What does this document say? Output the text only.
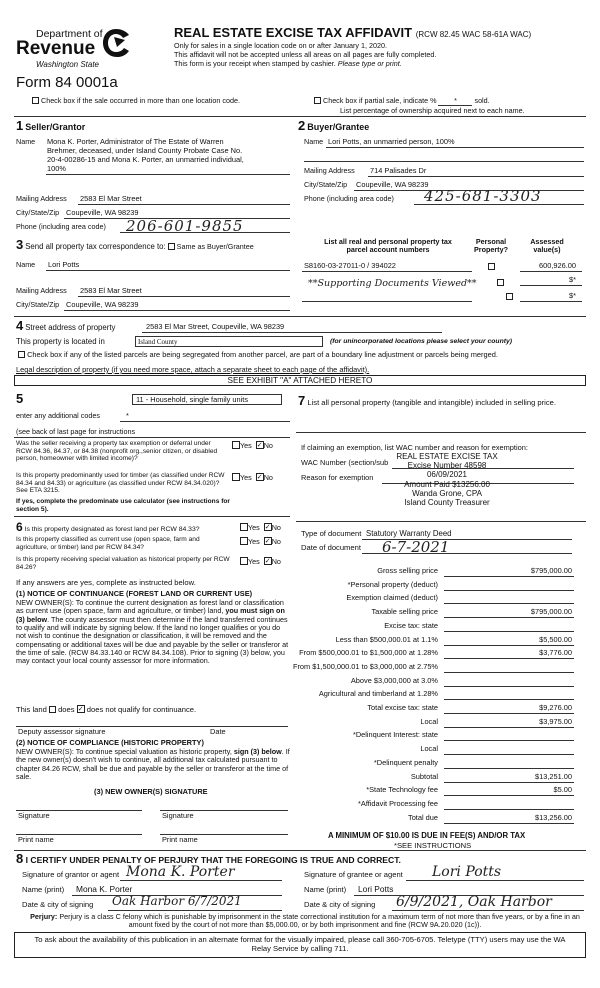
Department of
Revenue
Washington State
Form 84 0001a
REAL ESTATE EXCISE TAX AFFIDAVIT (RCW 82.45 WAC 58-61A WAC)
Only for sales in a single location code on or after January 1, 2020.
This affidavit will not be accepted unless all areas on all pages are fully completed.
This form is your receipt when stamped by cashier. Please type or print.
Check box if the sale occurred in more than one location code.	Check box if partial sale, indicate % * sold.
List percentage of ownership acquired next to each name.
1 Seller/Grantor
Name Mona K. Porter, Administrator of The Estate of Warren
Brehmer, deceased, under Island County Probate Case No.
20-4-00286-15 and Mona K. Porter, an unmarried individual,
100%
Mailing Address 2583 El Mar Street
City/State/Zip Coupeville, WA 98239
Phone (including area code) 206-601-9855
2 Buyer/Grantee
Name Lori Potts, an unmarried person, 100%
Mailing Address 714 Palisades Dr
City/State/Zip Coupeville, WA 98239
Phone (including area code) 425-681-3303
3 Send all property tax correspondence to: Same as Buyer/Grantee
Name Lori Potts
Mailing Address 2583 El Mar Street
City/State/Zip Coupeville, WA 98239
List all real and personal property tax
parcel account numbers
Personal
Property?
Assessed
value(s)
S8160-03-27011-0 / 394022
	600,926.00
**Supporting Documents Viewed**
	$*
$*
4 Street address of property	2583 El Mar Street, Coupeville, WA 98239
This property is located in	Island County	(for unincorporated locations please select your county)
Check box if any of the listed parcels are being segregated from another parcel, are part of a boundary line adjustment or parcels being merged.
Legal description of property (if you need more space, attach a separate sheet to each page of the affidavit).
SEE EXHIBIT "A" ATTACHED HERETO
5	11 - Household, single family units
enter any additional codes	*
(see back of last page for instructions
Was the seller receiving a property tax exemption or deferral under RCW 84.36, 84.37, or 84.38 (nonprofit org.,senior citizen, or disabled person, homeowner with limited income)?
Yes ✓No
Is this property predominantly used for timber (as classified under RCW 84.34 and 84.33) or agriculture (as classified under RCW 84.34.020)? See ETA 3215.
Yes ✓No
If yes, complete the predominate use calculator (see instructions for section 5).
7 List all personal property (tangible and intangible) included in selling price.
If claiming an exemption, list WAC number and reason for exemption:
WAC Number (section/sub
Reason for exemption
REAL ESTATE EXCISE TAX
Excise Number 48598
06/09/2021
Amount Paid $13256.00
Wanda Grone, CPA
Island County Treasurer
Type of document Statutory Warranty Deed
Date of document 6-7-2021
6 Is this property designated as forest land per RCW 84.33?	Yes ✓No
Is this property classified as current use (open space, farm and agriculture, or timber) land per RCW 84.34?
Yes ✓No
Is this property receiving special valuation as historical property per RCW 84.26?
Yes ✓No
If any answers are yes, complete as instructed below.
(1) NOTICE OF CONTINUANCE (FOREST LAND OR CURRENT USE)
NEW OWNER(S): To continue the current designation as forest land or classification as current use (open space, farm and agriculture, or timber) land, you must sign on (3) below. The county assessor must then determine if the land transferred continues to qualify and will indicate by signing below. If the land no longer qualifies or you do not wish to continue the designation or classification, it will be removed and the compensating or additional taxes will be due and payable by the seller or transferor at the time of sale. (RCW 84.33.140 or RCW 84.34.108). Prior to signing (3) below, you may contact your local county assessor for more information.
This land does ✓ does not qualify for continuance.
Deputy assessor signature	Date
(2) NOTICE OF COMPLIANCE (HISTORIC PROPERTY)
NEW OWNER(S): To continue special valuation as historic property, sign (3) below. If the new owner(s) doesn't wish to continue, all additional tax calculated pursuant to chapter 84.26 RCW, shall be due and payable by the seller or transferor at the time of sale.
(3) NEW OWNER(S) SIGNATURE
Signature	Signature
Print name	Print name
Gross selling price	$795,000.00
*Personal property (deduct)
Exemption claimed (deduct)
Taxable selling price	$795,000.00
Excise tax: state
Less than $500,000.01 at 1.1%	$5,500.00
From $500,000.01 to $1,500,000 at 1.28%	$3,776.00
From $1,500,000.01 to $3,000,000 at 2.75%
Above $3,000,000 at 3.0%
Agricultural and timberland at 1.28%
Total excise tax: state	$9,276.00
Local	$3,975.00
*Delinquent Interest: state
Local
*Delinquent penalty
Subtotal	$13,251.00
*State Technology fee	$5.00
*Affidavit Processing fee
Total due	$13,256.00
A MINIMUM OF $10.00 IS DUE IN FEE(S) AND/OR TAX
*SEE INSTRUCTIONS
8 I CERTIFY UNDER PENALTY OF PERJURY THAT THE FOREGOING IS TRUE AND CORRECT.
Signature of grantor or agent Mona K. Porter
Name (print) Mona K. Porter
Date & city of signing Oak Harbor 6/7/2021
Signature of grantee or agent Lori Potts
Name (print) Lori Potts
Date & city of signing 6/9/2021, Oak Harbor
Perjury: Perjury is a class C felony which is punishable by imprisonment in the state correctional institution for a maximum term of not more than five years, or by a fine in an amount fixed by the court of not more than $5,000.00, or by both imprisonment and fine (RCW 9A.20.020 (1c)).
To ask about the availability of this publication in an alternate format for the visually impaired, please call 360-705-6705. Teletype (TTY) users may use the WA Relay Service by calling 711.
